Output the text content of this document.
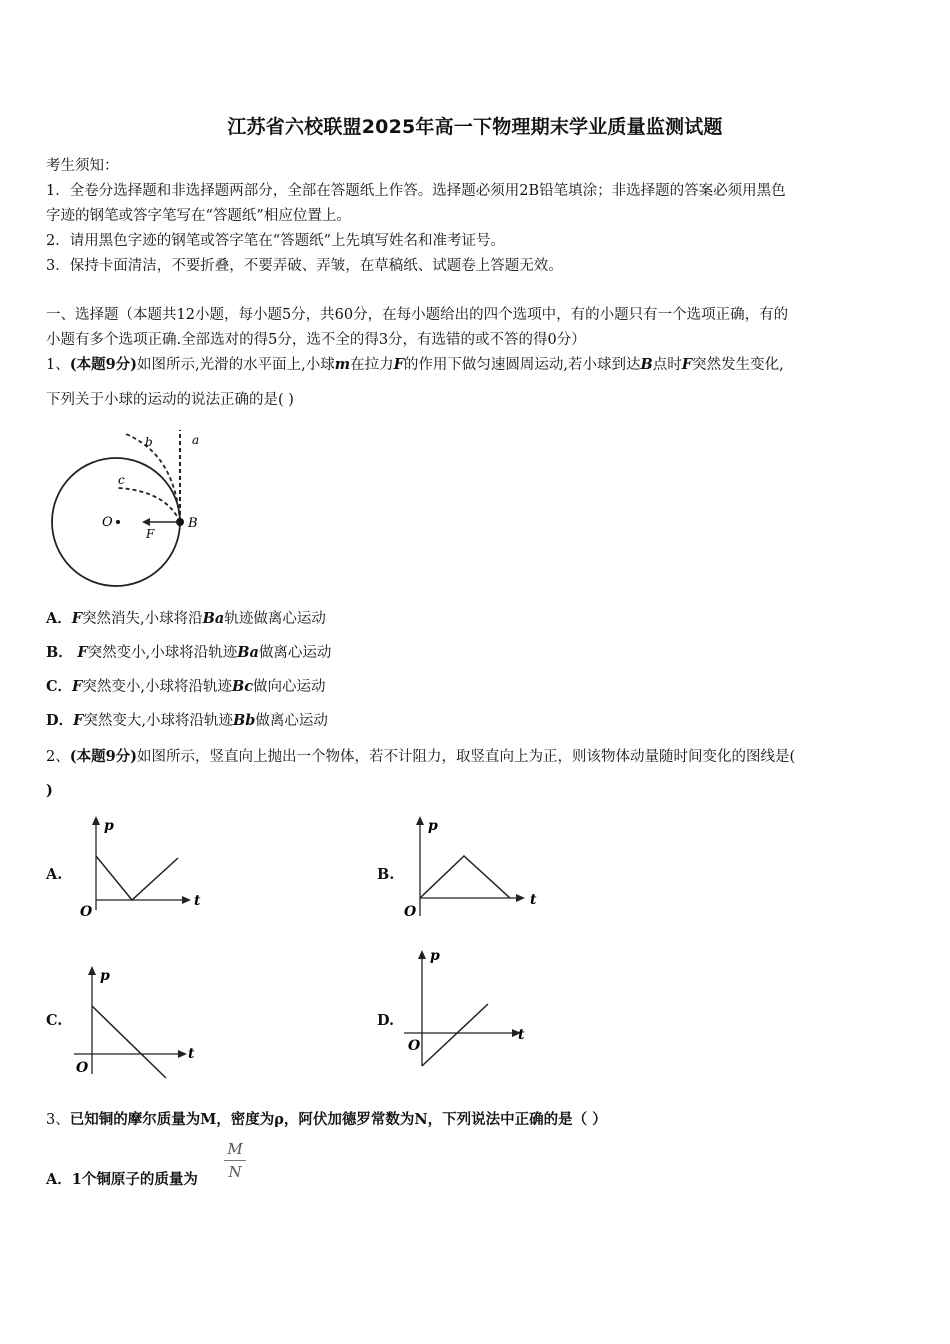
江苏省六校联盟2025年高一下物理期末学业质量监测试题
考生须知：
1．全卷分选择题和非选择题两部分，全部在答题纸上作答。选择题必须用2B铅笔填涂；非选择题的答案必须用黑色
字迹的钢笔或答字笔写在“答题纸”相应位置上。
2．请用黑色字迹的钢笔或答字笔在“答题纸”上先填写姓名和准考证号。
3．保持卡面清洁，不要折叠，不要弄破、弄皱，在草稿纸、试题卷上答题无效。
一、选择题（本题共12小题，每小题5分，共60分，在每小题给出的四个选项中，有的小题只有一个选项正确，有的
小题有多个选项正确.全部选对的得5分，选不全的得3分，有选错的或不答的得0分）
1、(本题9分)如图所示,光滑的水平面上,小球m在拉力F的作用下做匀速圆周运动,若小球到达B点时F突然发生变化,
下列关于小球的运动的说法正确的是( )
a
b
c
O	B
F
A．F突然消失,小球将沿Ba轨迹做离心运动
B． F突然变小,小球将沿轨迹Ba做离心运动
C．F突然变小,小球将沿轨迹Bc做向心运动
D．F突然变大,小球将沿轨迹Bb做离心运动
2、(本题9分)如图所示，竖直向上抛出一个物体，若不计阻力，取竖直向上为正，则该物体动量随时间变化的图线是(
)
A.
p
t
O
B.
p
t
O
C.
p
t
O
D.
p
t
O
3、已知铜的摩尔质量为M，密度为ρ，阿伏加德罗常数为N，下列说法中正确的是（ ）
A．1个铜原子的质量为
M
N
